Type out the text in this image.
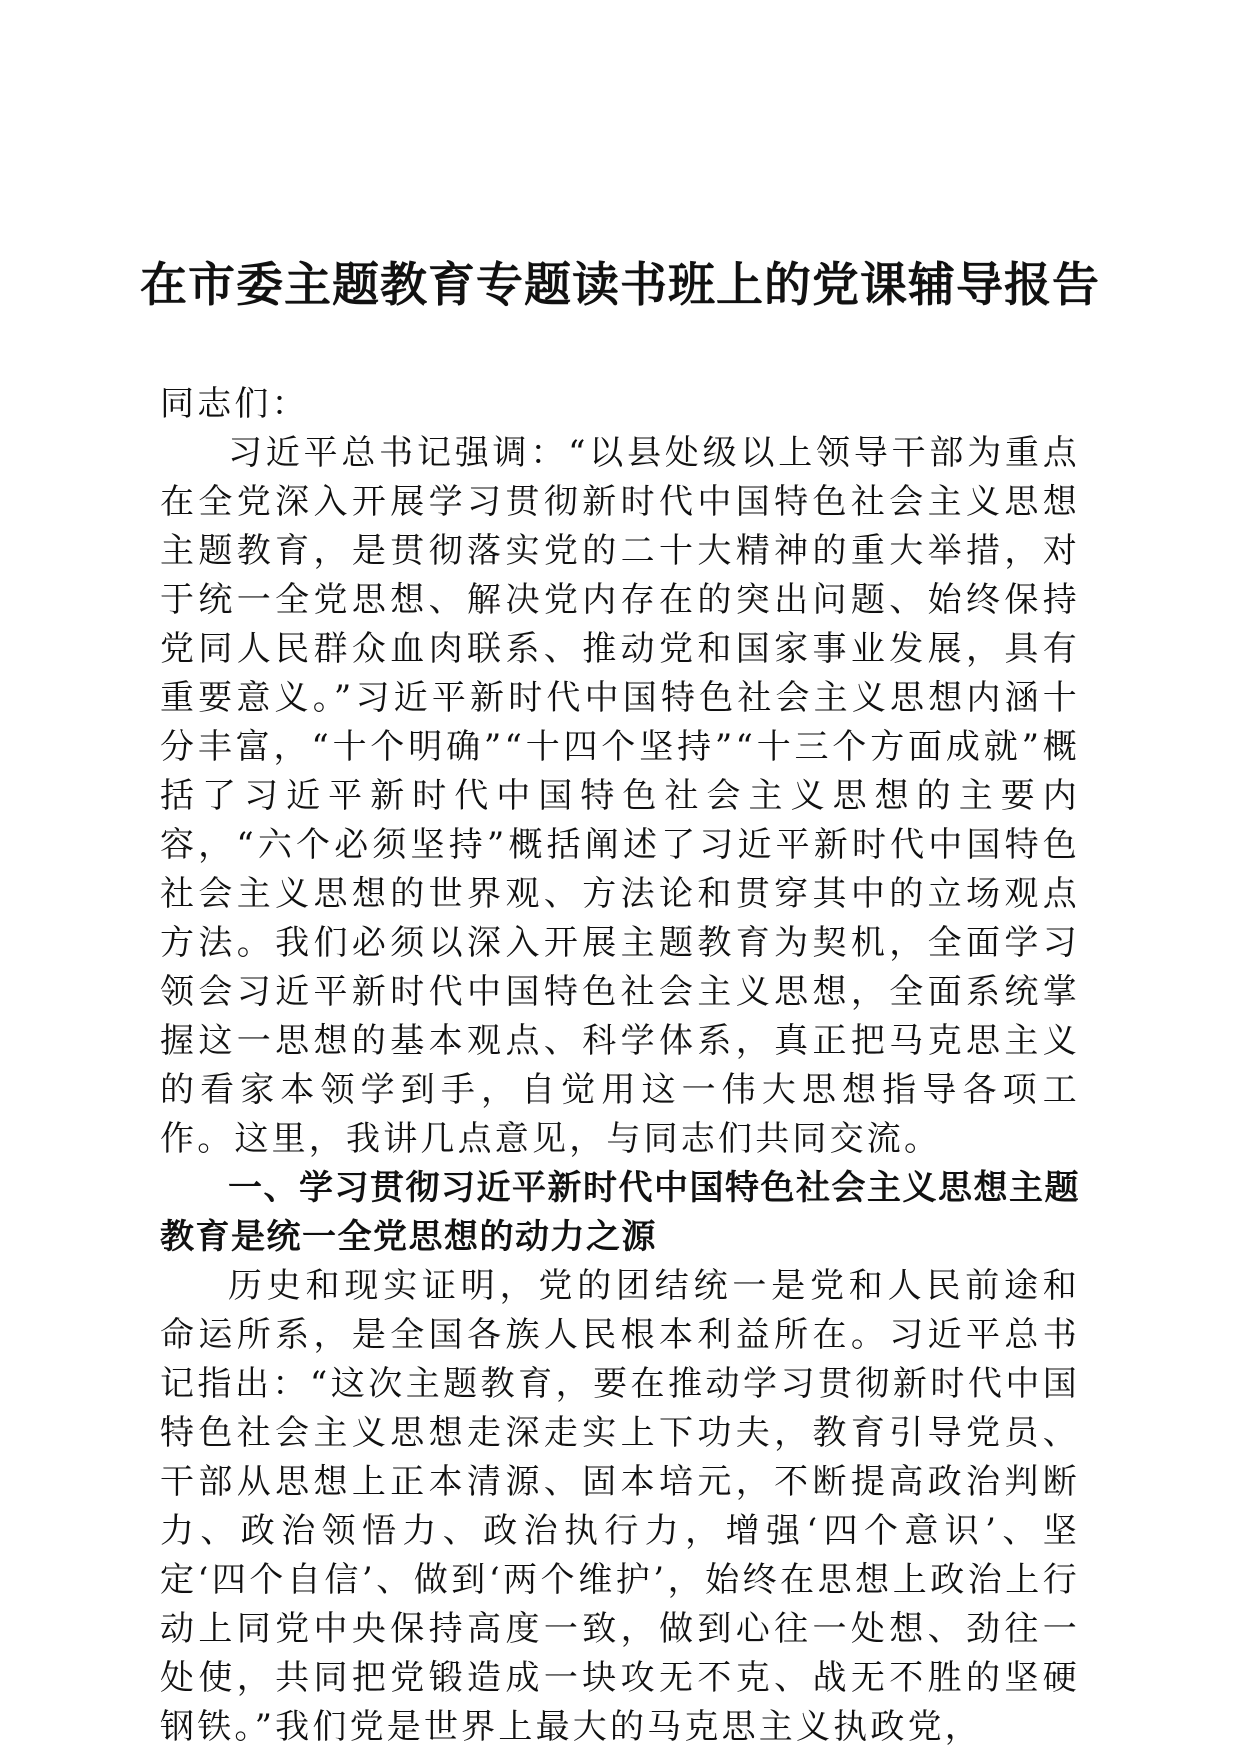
在市委主题教育专题读书班上的党课辅导报告

同志们：

习近平总书记强调：“以县处级以上领导干部为重点在全党深入开展学习贯彻新时代中国特色社会主义思想主题教育，是贯彻落实党的二十大精神的重大举措，对于统一全党思想、解决党内存在的突出问题、始终保持党同人民群众血肉联系、推动党和国家事业发展，具有重要意义。”习近平新时代中国特色社会主义思想内涵十分丰富，“十个明确”“十四个坚持”“十三个方面成就”概括了习近平新时代中国特色社会主义思想的主要内容，“六个必须坚持”概括阐述了习近平新时代中国特色社会主义思想的世界观、方法论和贯穿其中的立场观点方法。我们必须以深入开展主题教育为契机，全面学习领会习近平新时代中国特色社会主义思想，全面系统掌握这一思想的基本观点、科学体系，真正把马克思主义的看家本领学到手，自觉用这一伟大思想指导各项工作。这里，我讲几点意见，与同志们共同交流。

一、学习贯彻习近平新时代中国特色社会主义思想主题教育是统一全党思想的动力之源

历史和现实证明，党的团结统一是党和人民前途和命运所系，是全国各族人民根本利益所在。习近平总书记指出：“这次主题教育，要在推动学习贯彻新时代中国特色社会主义思想走深走实上下功夫，教育引导党员、干部从思想上正本清源、固本培元，不断提高政治判断力、政治领悟力、政治执行力，增强‘四个意识’、坚定‘四个自信’、做到‘两个维护’，始终在思想上政治上行动上同党中央保持高度一致，做到心往一处想、劲往一处使，共同把党锻造成一块攻无不克、战无不胜的坚硬钢铁。”我们党是世界上最大的马克思主义执政党，
